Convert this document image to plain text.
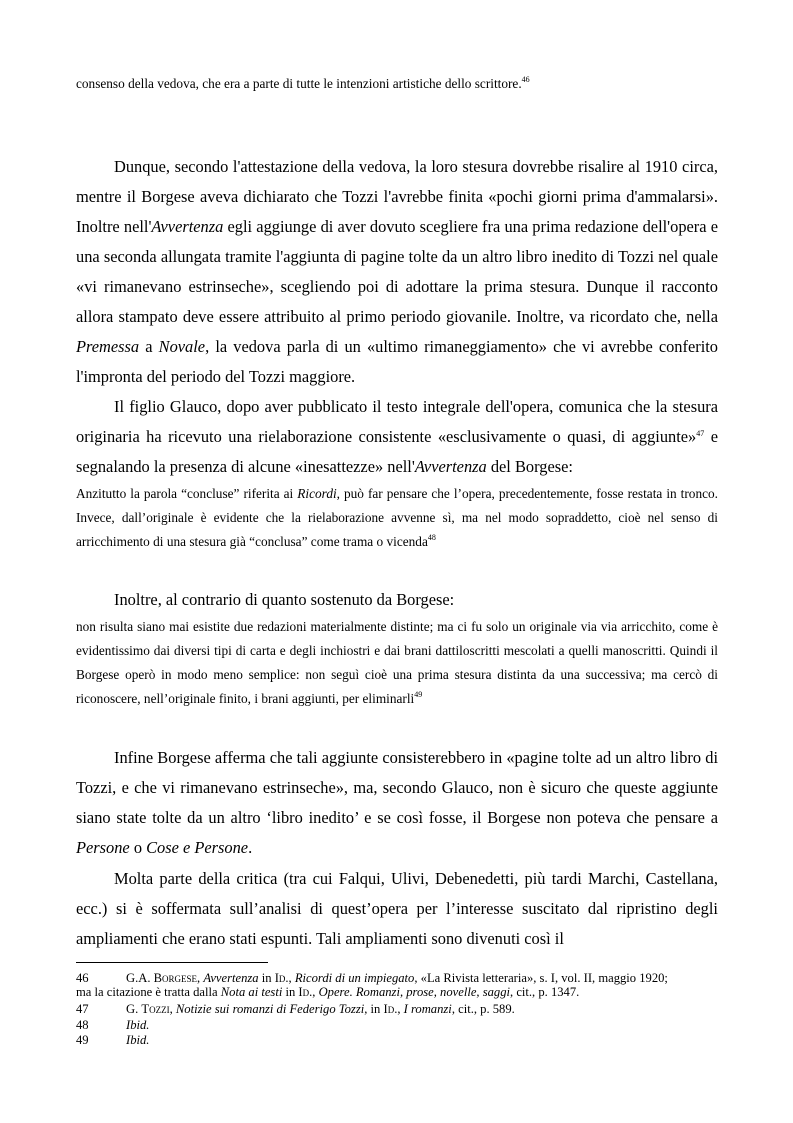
consenso della vedova, che era a parte di tutte le intenzioni artistiche dello scrittore.$^{46}$

Dunque, secondo l'attestazione della vedova, la loro stesura dovrebbe risalire al 1910 circa, mentre il Borgese aveva dichiarato che Tozzi l'avrebbe finita «pochi giorni prima d'ammalarsi». Inoltre nell'Avvertenza egli aggiunge di aver dovuto scegliere fra una prima redazione dell'opera e una seconda allungata tramite l'aggiunta di pagine tolte da un altro libro inedito di Tozzi nel quale «vi rimanevano estrinseche», scegliendo poi di adottare la prima stesura. Dunque il racconto allora stampato deve essere attribuito al primo periodo giovanile. Inoltre, va ricordato che, nella Premessa a Novale, la vedova parla di un «ultimo rimaneggiamento» che vi avrebbe conferito l'impronta del periodo del Tozzi maggiore.

Il figlio Glauco, dopo aver pubblicato il testo integrale dell'opera, comunica che la stesura originaria ha ricevuto una rielaborazione consistente «esclusivamente o quasi, di aggiunte»$^{47}$ e segnalando la presenza di alcune «inesattezze» nell'Avvertenza del Borgese:

Anzitutto la parola “concluse” riferita ai Ricordi, può far pensare che l’opera, precedentemente, fosse restata in tronco. Invece, dall’originale è evidente che la rielaborazione avvenne sì, ma nel modo sopraddetto, cioè nel senso di arricchimento di una stesura già “conclusa” come trama o vicenda$^{48}$

Inoltre, al contrario di quanto sostenuto da Borgese:

non risulta siano mai esistite due redazioni materialmente distinte; ma ci fu solo un originale via via arricchito, come è evidentissimo dai diversi tipi di carta e degli inchiostri e dai brani dattiloscritti mescolati a quelli manoscritti. Quindi il Borgese operò in modo meno semplice: non seguì cioè una prima stesura distinta da una successiva; ma cercò di riconoscere, nell’originale finito, i brani aggiunti, per eliminarli$^{49}$

Infine Borgese afferma che tali aggiunte consisterebbero in «pagine tolte ad un altro libro di Tozzi, e che vi rimanevano estrinseche», ma, secondo Glauco, non è sicuro che queste aggiunte siano state tolte da un altro ‘libro inedito’ e se così fosse, il Borgese non poteva che pensare a Persone o Cose e Persone.

Molta parte della critica (tra cui Falqui, Ulivi, Debenedetti, più tardi Marchi, Castellana, ecc.) si è soffermata sull’analisi di quest’opera per l’interesse suscitato dal ripristino degli ampliamenti che erano stati espunti. Tali ampliamenti sono divenuti così il

46	G.A. Borgese, Avvertenza in Id., Ricordi di un impiegato, «La Rivista letteraria», s. I, vol. II, maggio 1920;
ma la citazione è tratta dalla Nota ai testi in Id., Opere. Romanzi, prose, novelle, saggi, cit., p. 1347.
47	G. Tozzi, Notizie sui romanzi di Federigo Tozzi, in Id., I romanzi, cit., p. 589.
48	Ibid.
49	Ibid.
